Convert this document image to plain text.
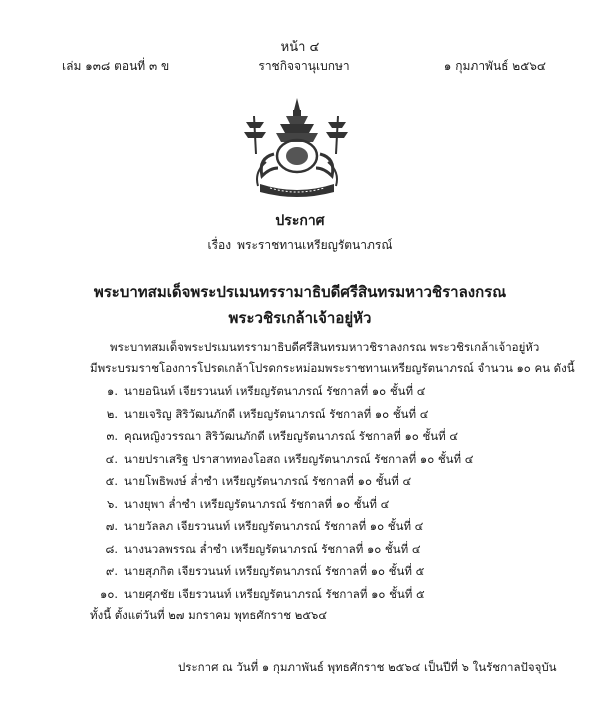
หน้า ๔
เล่ม ๑๓๘ ตอนที่ ๓ ข	ราชกิจจานุเบกษา	๑ กุมภาพันธ์ ๒๕๖๔
ประกาศ
เรื่อง พระราชทานเหรียญรัตนาภรณ์
พระบาทสมเด็จพระปรเมนทรรามาธิบดีศรีสินทรมหาวชิราลงกรณ
พระวชิรเกล้าเจ้าอยู่หัว
พระบาทสมเด็จพระปรเมนทรรามาธิบดีศรีสินทรมหาวชิราลงกรณ พระวชิรเกล้าเจ้าอยู่หัว
มีพระบรมราชโองการโปรดเกล้าโปรดกระหม่อมพระราชทานเหรียญรัตนาภรณ์ จำนวน ๑๐ คน ดังนี้
๑. นายอนินท์ เจียรวนนท์ เหรียญรัตนาภรณ์ รัชกาลที่ ๑๐ ชั้นที่ ๔
๒. นายเจริญ สิริวัฒนภักดี เหรียญรัตนาภรณ์ รัชกาลที่ ๑๐ ชั้นที่ ๔
๓. คุณหญิงวรรณา สิริวัฒนภักดี เหรียญรัตนาภรณ์ รัชกาลที่ ๑๐ ชั้นที่ ๔
๔. นายปราเสริฐ ปราสาททองโอสถ เหรียญรัตนาภรณ์ รัชกาลที่ ๑๐ ชั้นที่ ๔
๕. นายโพธิพงษ์ ล่ำซำ เหรียญรัตนาภรณ์ รัชกาลที่ ๑๐ ชั้นที่ ๔
๖. นางยุพา ล่ำซำ เหรียญรัตนาภรณ์ รัชกาลที่ ๑๐ ชั้นที่ ๔
๗. นายวัลลภ เจียรวนนท์ เหรียญรัตนาภรณ์ รัชกาลที่ ๑๐ ชั้นที่ ๔
๘. นางนวลพรรณ ล่ำซำ เหรียญรัตนาภรณ์ รัชกาลที่ ๑๐ ชั้นที่ ๔
๙. นายสุภกิต เจียรวนนท์ เหรียญรัตนาภรณ์ รัชกาลที่ ๑๐ ชั้นที่ ๕
๑๐. นายศุภชัย เจียรวนนท์ เหรียญรัตนาภรณ์ รัชกาลที่ ๑๐ ชั้นที่ ๕
ทั้งนี้ ตั้งแต่วันที่ ๒๗ มกราคม พุทธศักราช ๒๕๖๔
ประกาศ ณ วันที่ ๑ กุมภาพันธ์ พุทธศักราช ๒๕๖๔ เป็นปีที่ ๖ ในรัชกาลปัจจุบัน
